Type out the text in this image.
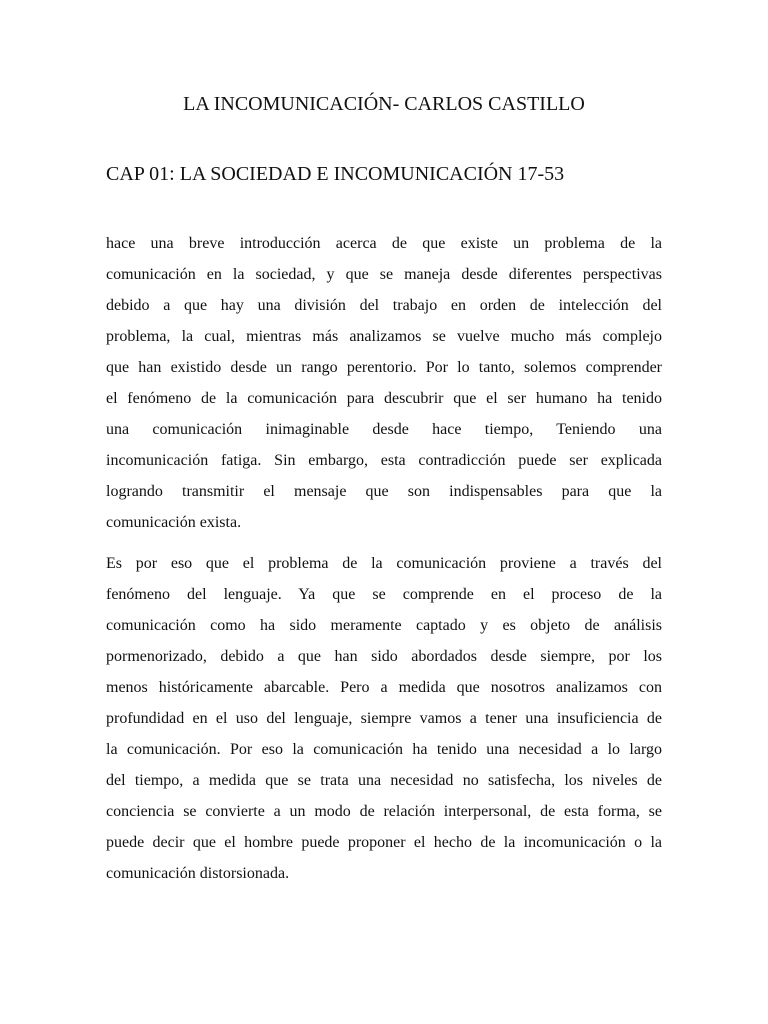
LA INCOMUNICACIÓN- CARLOS CASTILLO
CAP 01: LA SOCIEDAD E INCOMUNICACIÓN 17-53

hace una breve introducción acerca de que existe un problema de la
comunicación en la sociedad, y que se maneja desde diferentes perspectivas
debido a que hay una división del trabajo en orden de intelección del
problema, la cual, mientras más analizamos se vuelve mucho más complejo
que han existido desde un rango perentorio. Por lo tanto, solemos comprender
el fenómeno de la comunicación para descubrir que el ser humano ha tenido
una comunicación inimaginable desde hace tiempo, Teniendo una
incomunicación fatiga. Sin embargo, esta contradicción puede ser explicada
logrando transmitir el mensaje que son indispensables para que la
comunicación exista.

Es por eso que el problema de la comunicación proviene a través del
fenómeno del lenguaje. Ya que se comprende en el proceso de la
comunicación como ha sido meramente captado y es objeto de análisis
pormenorizado, debido a que han sido abordados desde siempre, por los
menos históricamente abarcable. Pero a medida que nosotros analizamos con
profundidad en el uso del lenguaje, siempre vamos a tener una insuficiencia de
la comunicación. Por eso la comunicación ha tenido una necesidad a lo largo
del tiempo, a medida que se trata una necesidad no satisfecha, los niveles de
conciencia se convierte a un modo de relación interpersonal, de esta forma, se
puede decir que el hombre puede proponer el hecho de la incomunicación o la
comunicación distorsionada.
